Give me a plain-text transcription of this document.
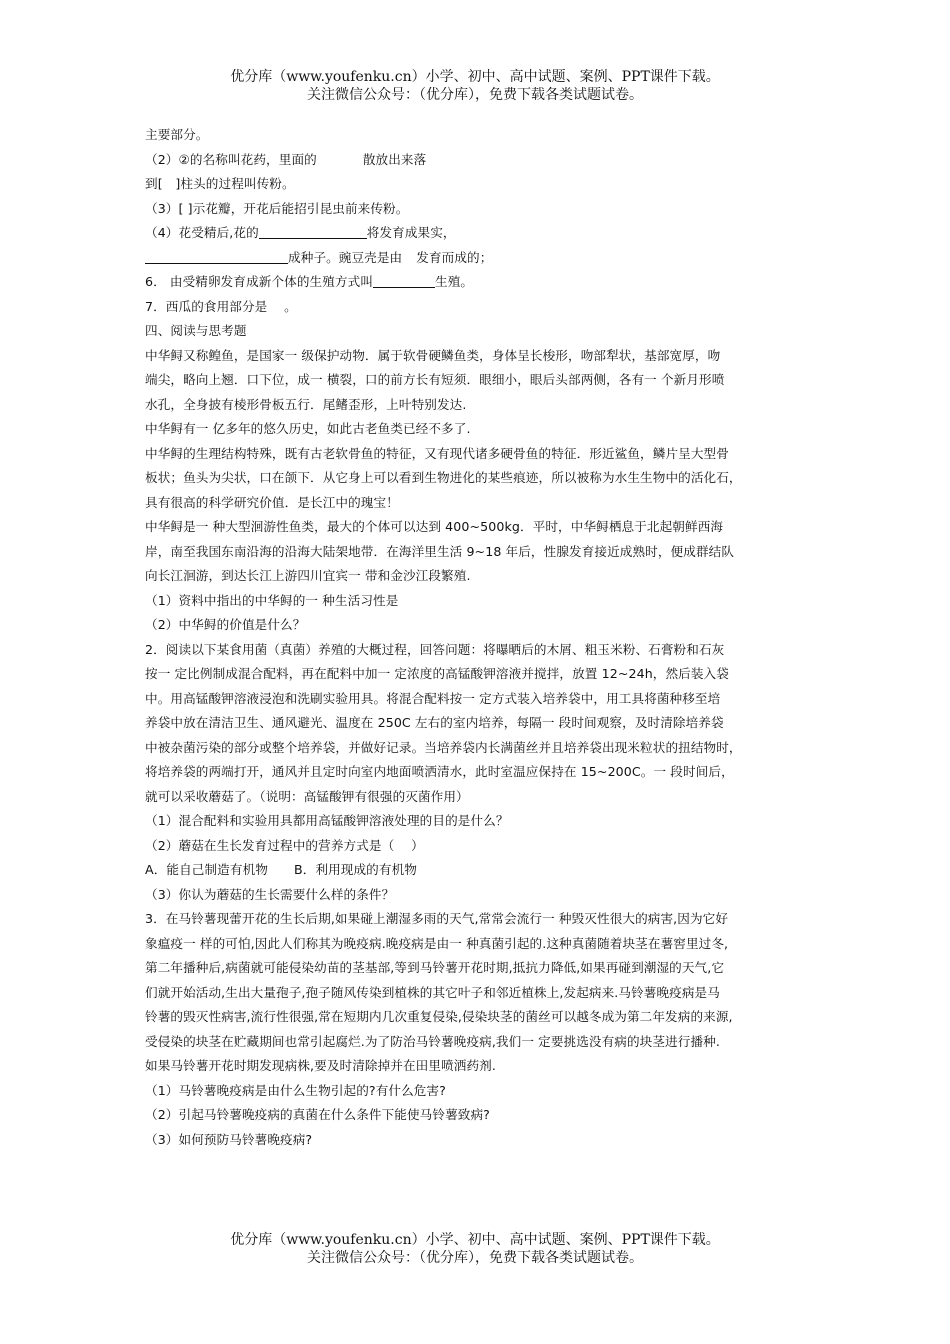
优分库（www.youfenku.cn）小学、初中、高中试题、案例、PPT课件下载。
关注微信公众号：（优分库），免费下载各类试题试卷。

主要部分。

（2）②的名称叫花药，里面的	散放出来落

到[　]柱头的过程叫传粉。

（3）[ ]示花瓣，开花后能招引昆虫前来传粉。

（4）花受精后,花的	将发育成果实，

成种子。豌豆壳是由 发育而成的；

6． 由受精卵发育成新个体的生殖方式叫	生殖。

7．西瓜的食用部分是　 。

四、阅读与思考题

中华鲟又称鳇鱼，是国家一 级保护动物．属于软骨硬鳞鱼类，身体呈长梭形，吻部犁状，基部宽厚，吻

端尖，略向上翘．口下位，成一 横裂，口的前方长有短须．眼细小，眼后头部两侧，各有一 个新月形喷

水孔，全身披有棱形骨板五行．尾鳍歪形，上叶特别发达.

中华鲟有一 亿多年的悠久历史，如此古老鱼类已经不多了.

中华鲟的生理结构特殊，既有古老软骨鱼的特征，又有现代诸多硬骨鱼的特征．形近鲨鱼，鳞片呈大型骨

板状；鱼头为尖状，口在颌下．从它身上可以看到生物进化的某些痕迹，所以被称为水生生物中的活化石，

具有很高的科学研究价值．是长江中的瑰宝！

中华鲟是一 种大型洄游性鱼类，最大的个体可以达到 400~500kg．平时，中华鲟栖息于北起朝鲜西海

岸，南至我国东南沿海的沿海大陆架地带．在海洋里生活 9~18 年后，性腺发育接近成熟时，便成群结队

向长江洄游，到达长江上游四川宜宾一 带和金沙江段繁殖.

（1）资料中指出的中华鲟的一 种生活习性是

（2）中华鲟的价值是什么？

2．阅读以下某食用菌（真菌）养殖的大概过程，回答问题：将曝晒后的木屑、粗玉米粉、石膏粉和石灰

按一 定比例制成混合配料，再在配料中加一 定浓度的高锰酸钾溶液并搅拌，放置 12~24h，然后装入袋

中。用高锰酸钾溶液浸泡和洗刷实验用具。将混合配料按一 定方式装入培养袋中，用工具将菌种移至培

养袋中放在清洁卫生、通风避光、温度在 250C 左右的室内培养，每隔一 段时间观察，及时清除培养袋

中被杂菌污染的部分或整个培养袋，并做好记录。当培养袋内长满菌丝并且培养袋出现米粒状的扭结物时，

将培养袋的两端打开，通风并且定时向室内地面喷洒清水，此时室温应保持在 15~200C。一 段时间后，

就可以采收蘑菇了。（说明：高锰酸钾有很强的灭菌作用）

（1）混合配料和实验用具都用高锰酸钾溶液处理的目的是什么？

（2）蘑菇在生长发育过程中的营养方式是（　 ）

A．能自己制造有机物 B．利用现成的有机物

（3）你认为蘑菇的生长需要什么样的条件？

3．在马铃薯现蕾开花的生长后期,如果碰上潮湿多雨的天气,常常会流行一 种毁灭性很大的病害,因为它好

象瘟疫一 样的可怕,因此人们称其为晚疫病.晚疫病是由一 种真菌引起的.这种真菌随着块茎在薯窖里过冬,

第二年播种后,病菌就可能侵染幼苗的茎基部,等到马铃薯开花时期,抵抗力降低,如果再碰到潮湿的天气,它

们就开始活动,生出大量孢子,孢子随风传染到植株的其它叶子和邻近植株上,发起病来.马铃薯晚疫病是马

铃薯的毁灭性病害,流行性很强,常在短期内几次重复侵染,侵染块茎的菌丝可以越冬成为第二年发病的来源,

受侵染的块茎在贮藏期间也常引起腐烂.为了防治马铃薯晚疫病,我们一 定要挑选没有病的块茎进行播种.

如果马铃薯开花时期发现病株,要及时清除掉并在田里喷洒药剂.

（1）马铃薯晚疫病是由什么生物引起的?有什么危害?

（2）引起马铃薯晚疫病的真菌在什么条件下能使马铃薯致病?

（3）如何预防马铃薯晚疫病?

优分库（www.youfenku.cn）小学、初中、高中试题、案例、PPT课件下载。
关注微信公众号：（优分库），免费下载各类试题试卷。
